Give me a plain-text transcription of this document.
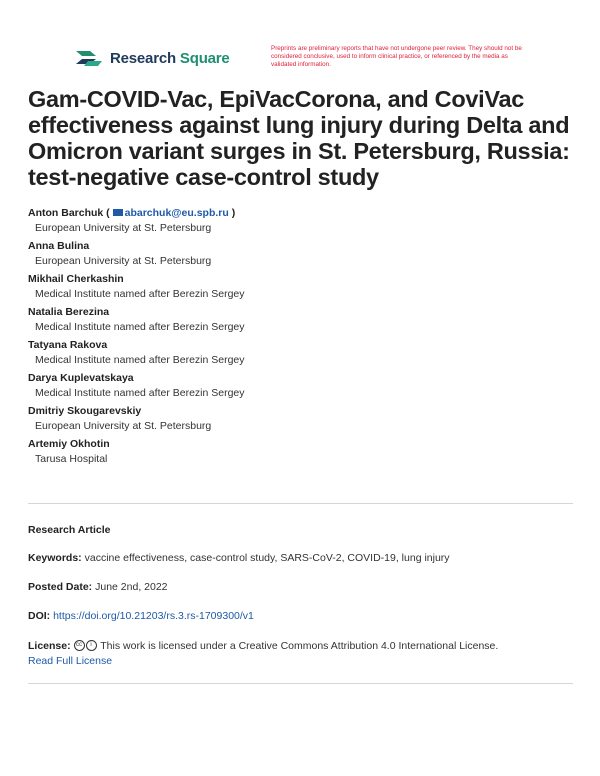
Research Square
Preprints are preliminary reports that have not undergone peer review. They should not be considered conclusive, used to inform clinical practice, or referenced by the media as validated information.
Gam-COVID-Vac, EpiVacCorona, and CoviVac effectiveness against lung injury during Delta and Omicron variant surges in St. Petersburg, Russia: test-negative case-control study
Anton Barchuk ( abarchuk@eu.spb.ru )
European University at St. Petersburg
Anna Bulina
European University at St. Petersburg
Mikhail Cherkashin
Medical Institute named after Berezin Sergey
Natalia Berezina
Medical Institute named after Berezin Sergey
Tatyana Rakova
Medical Institute named after Berezin Sergey
Darya Kuplevatskaya
Medical Institute named after Berezin Sergey
Dmitriy Skougarevskiy
European University at St. Petersburg
Artemiy Okhotin
Tarusa Hospital
Research Article
Keywords: vaccine effectiveness, case-control study, SARS-CoV-2, COVID-19, lung injury
Posted Date: June 2nd, 2022
DOI: https://doi.org/10.21203/rs.3.rs-1709300/v1
License: cc i This work is licensed under a Creative Commons Attribution 4.0 International License.
Read Full License
